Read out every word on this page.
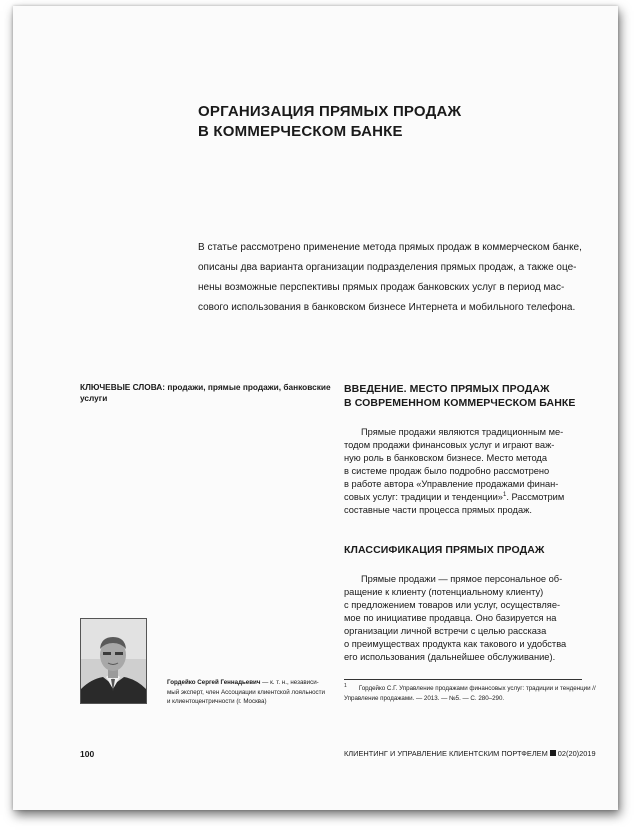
ОРГАНИЗАЦИЯ ПРЯМЫХ ПРОДАЖ
В КОММЕРЧЕСКОМ БАНКЕ
В статье рассмотрено применение метода прямых продаж в коммерческом банке,
описаны два варианта организации подразделения прямых продаж, а также оце-
нены возможные перспективы прямых продаж банковских услуг в период мас-
сового использования в банковском бизнесе Интернета и мобильного телефона.
КЛЮЧЕВЫЕ СЛОВА: продажи, прямые продажи, банковские
услуги
ВВЕДЕНИЕ. МЕСТО ПРЯМЫХ ПРОДАЖ
В СОВРЕМЕННОМ КОММЕРЧЕСКОМ БАНКЕ
Прямые продажи являются традиционным ме-
тодом продажи финансовых услуг и играют важ-
ную роль в банковском бизнесе. Место метода
в системе продаж было подробно рассмотрено
в работе автора «Управление продажами финан-
совых услуг: традиции и тенденции»$^1$. Рассмотрим
составные части процесса прямых продаж.
КЛАССИФИКАЦИЯ ПРЯМЫХ ПРОДАЖ
Прямые продажи — прямое персональное об-
ращение к клиенту (потенциальному клиенту)
с предложением товаров или услуг, осуществляе-
мое по инициативе продавца. Оно базируется на
организации личной встречи с целью рассказа
о преимуществах продукта как такового и удобства
его использования (дальнейшее обслуживание).
Гордейко Сергей Геннадьевич — к. т. н., независи-
мый эксперт, член Ассоциации клиентской лояльности
и клиентоцентричности (г. Москва)
$^1$ Гордейко С.Г. Управление продажами финансовых услуг: традиции и тенденции //
Управление продажами. — 2013. — №5. — С. 280–290.
100	КЛИЕНТИНГ И УПРАВЛЕНИЕ КЛИЕНТСКИМ ПОРТФЕЛЕМ 02(20)2019
